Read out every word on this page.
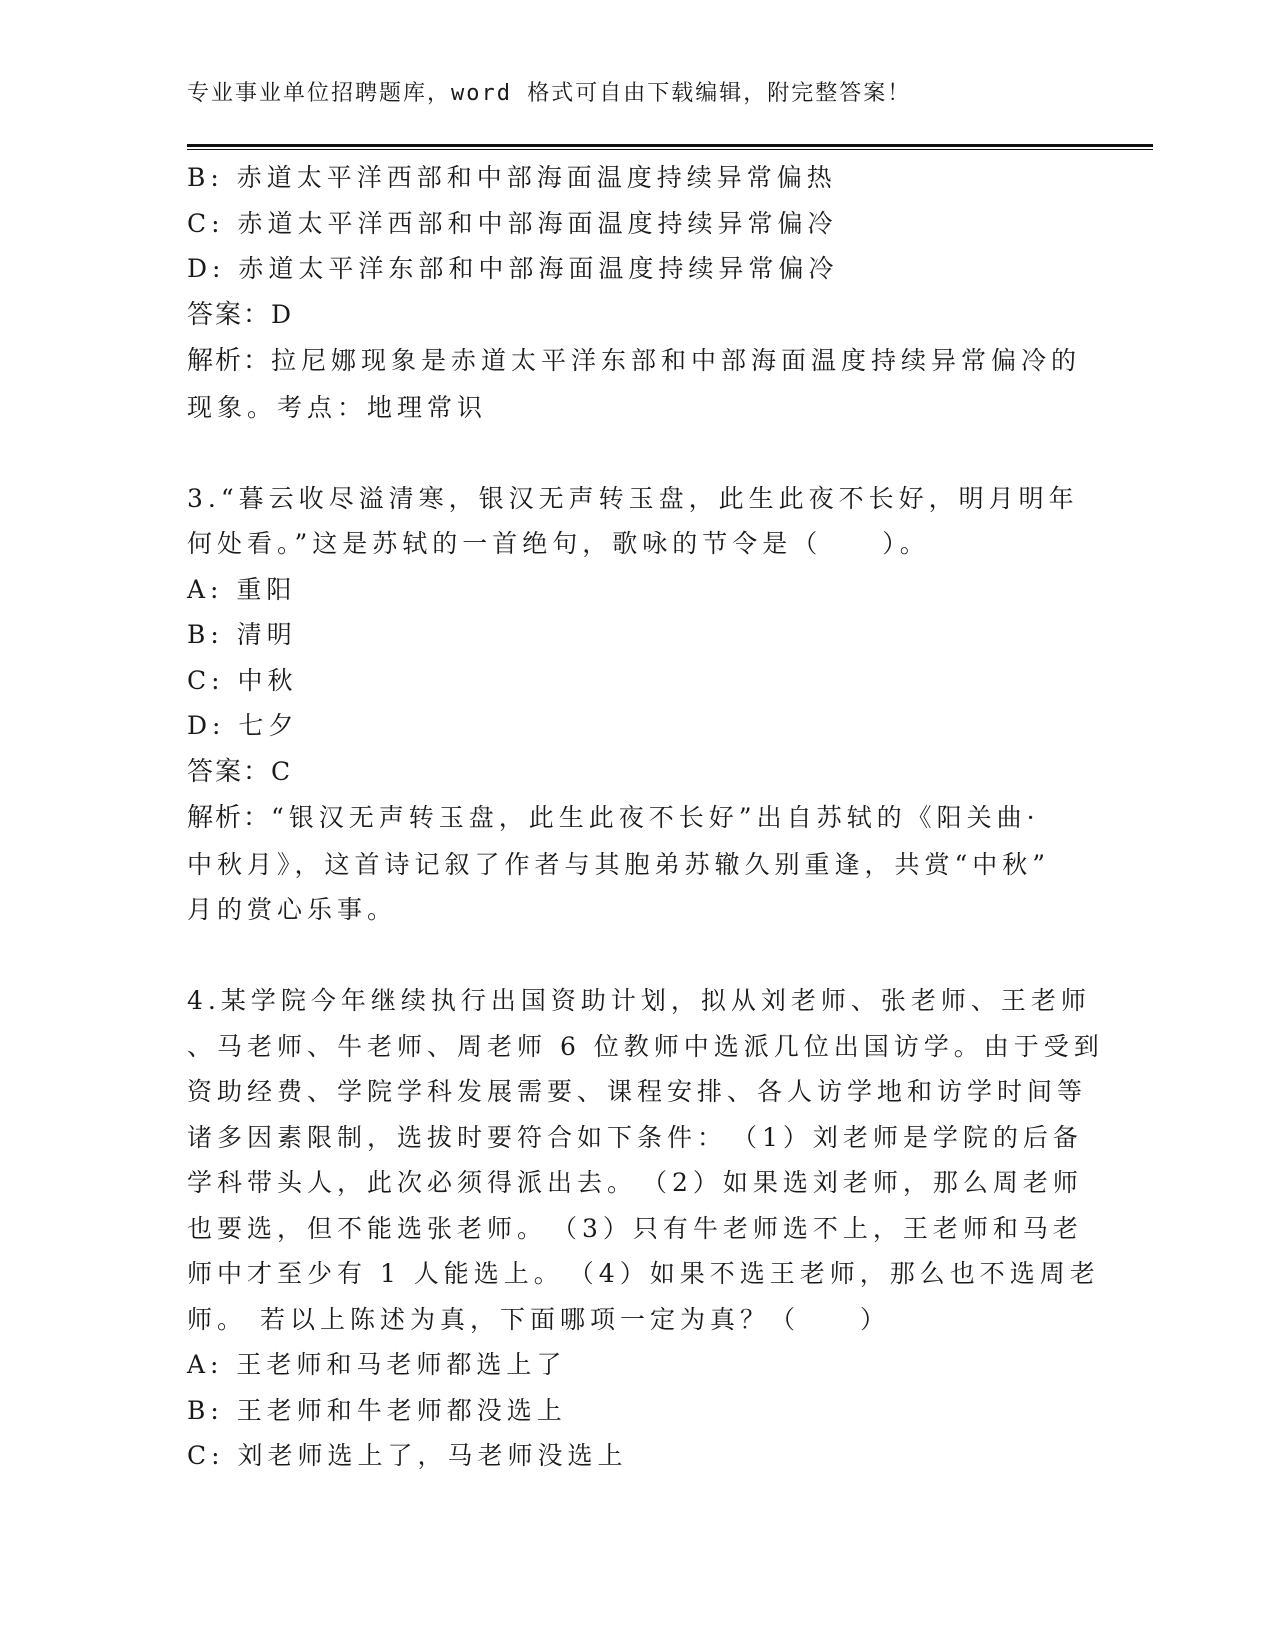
专业事业单位招聘题库，word 格式可自由下载编辑，附完整答案！
B: 赤道太平洋西部和中部海面温度持续异常偏热
C: 赤道太平洋西部和中部海面温度持续异常偏冷
D: 赤道太平洋东部和中部海面温度持续异常偏冷
答案：D
解析：拉尼娜现象是赤道太平洋东部和中部海面温度持续异常偏冷的
现象。考点：地理常识
3.“暮云收尽溢清寒，银汉无声转玉盘，此生此夜不长好，明月明年
何处看。”这是苏轼的一首绝句，歌咏的节令是（　　）。
A: 重阳
B: 清明
C: 中秋
D: 七夕
答案：C
解析：“银汉无声转玉盘，此生此夜不长好”出自苏轼的《阳关曲·
中秋月》，这首诗记叙了作者与其胞弟苏辙久别重逢，共赏“中秋”
月的赏心乐事。
4.某学院今年继续执行出国资助计划，拟从刘老师、张老师、王老师
、马老师、牛老师、周老师 6 位教师中选派几位出国访学。由于受到
资助经费、学院学科发展需要、课程安排、各人访学地和访学时间等
诸多因素限制，选拔时要符合如下条件：　（1）刘老师是学院的后备
学科带头人，此次必须得派出去。　（2）如果选刘老师，那么周老师
也要选，但不能选张老师。　（3）只有牛老师选不上，王老师和马老
师中才至少有 1 人能选上。　（4）如果不选王老师，那么也不选周老
师。 若以上陈述为真，下面哪项一定为真？（　　）
A: 王老师和马老师都选上了
B: 王老师和牛老师都没选上
C: 刘老师选上了，马老师没选上
